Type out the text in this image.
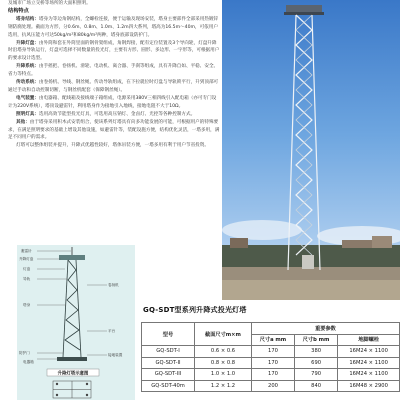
及城市广场立交桥等场所的大面积照明。

结构特点

塔身结构：塔身为等边角钢结构，全螺栓连接，便于运输及现场安装，塔身主要部件全部采用热镀锌钢防腐处理。截面为方形，分0.6m、0.8m、1.0m、1.2m四大系列，塔高为16.5m～40m，可依用户选用，抗风压能力可达50kg/m²和80kg/m²两种，塔身底部设防护门。

升降灯盘：由外筒和套在外筒里面的钢骨架组成，角钢焊接，配有定位装置及3个导向轮，灯盘升降时沿塔身导轨运行，灯盘可选择不同数量的投光灯，主要有方形、圆形、多边形、一字形等，可根据用户的要求设计选型。

升降系统：由手摇把、卷扬机、滑轮、电动机、离合器、手刹等组成，具有升降自如、平稳、安全、省力等特点。

传动系统：由卷扬机、导线、钢丝绳、传动导轨组成，在下拉就位时灯盘与导轨锁平行，升到顶部可通过手动和自动控制切断，与钢丝机配套（保障钢丝绳）。

电气装置：由电器箱、配线箱及接线端子箱组成，电源采用380V三相四线引入配电箱（亦可专门设计为220V系统），塔顶设避雷针，利用塔身作为接地引入地线，接地电阻不大于10Ω。

照明灯具：选用高效节能型投光灯具，可选用高压钠灯、金卤灯、光控等各种控制方式。

其他：由于塔身采用积木式安装组合，使该系列灯塔具有向多功能发展的可能，可根据用户的特殊要求，在满足照明要求的基础上增设其他设施，如避雷针等，装配设施方便，结构优化灵活，一塔多用，满足不同用户的需求。

灯塔可以整体组装并提升，升降式优越性较好，塔体吊装方便，一塔多用有利于用户节省投资。

避雷针
升降灯盘
灯盘
导轨
塔身
卷扬机
平台
接地装置
防护门
电器箱
升降灯塔示意图
GQ-SDT型系列升降式投光灯塔
型号	截面尺寸m×m	重要参数		
		尺寸a mm	尺寸b mm	地脚螺栓
GQ-SDT-I	0.6 × 0.6	170	380	16M24 × 1100
GQ-SDT-II	0.8 × 0.8	170	690	16M24 × 1100
GQ-SDT-III	1.0 × 1.0	170	790	16M24 × 1100
GQ-SDT-40m	1.2 × 1.2	200	840	16M48 × 2900
